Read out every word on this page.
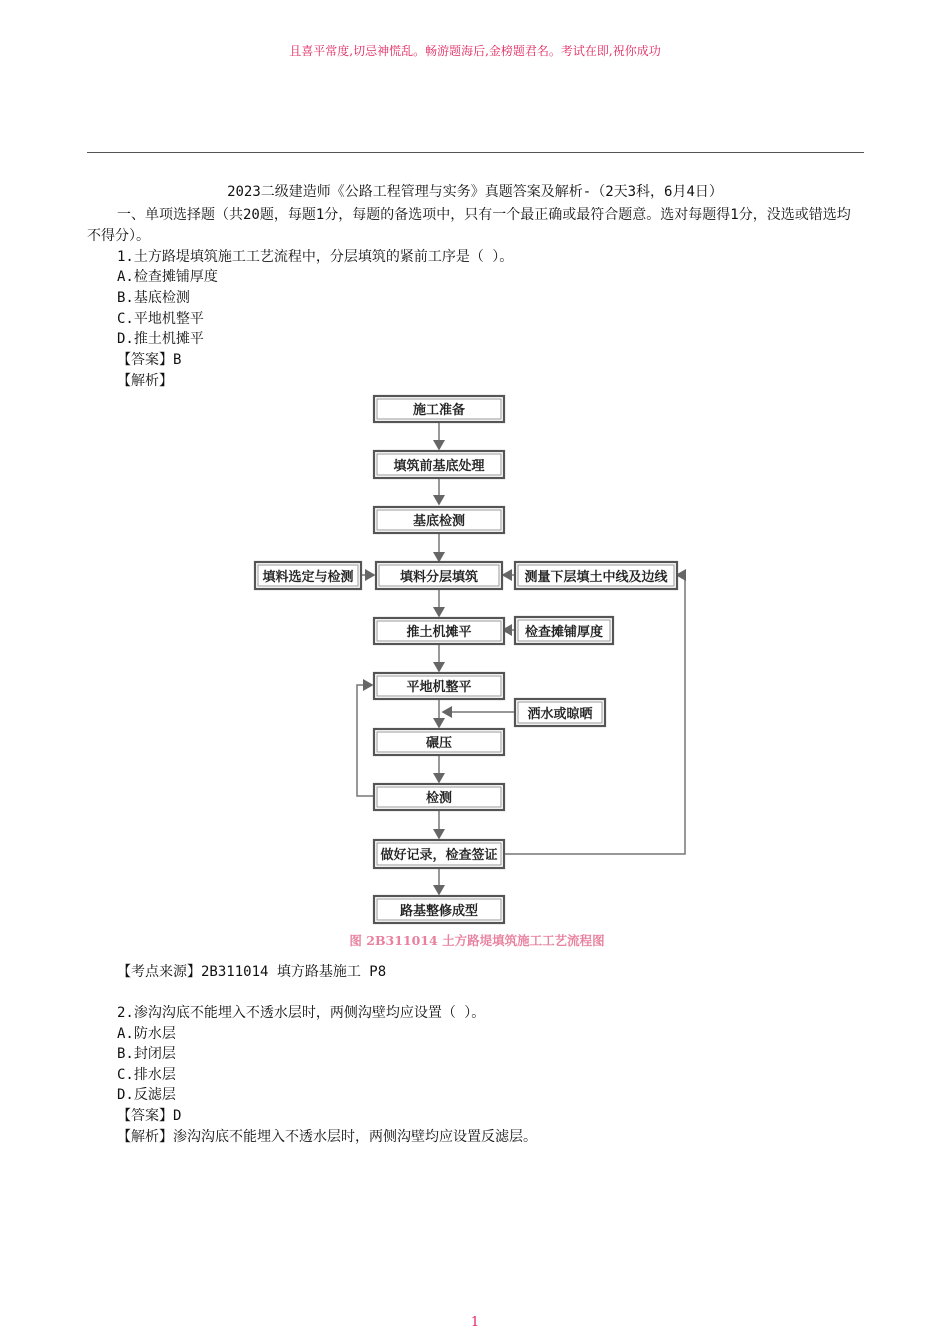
且喜平常度,切忌神慌乱。畅游题海后,金榜题君名。考试在即,祝你成功
2023二级建造师《公路工程管理与实务》真题答案及解析-（2天3科，6月4日）
一、单项选择题（共20题，每题1分，每题的备选项中，只有一个最正确或最符合题意。选对每题得1分，没选或错选均不得分）。
1.土方路堤填筑施工工艺流程中，分层填筑的紧前工序是（ ）。
A.检查摊铺厚度
B.基底检测
C.平地机整平
D.推土机摊平
【答案】B
【解析】
施工准备
填筑前基底处理
基底检测
填料选定与检测	填料分层填筑	测量下层填土中线及边线
推土机摊平	检查摊铺厚度
平地机整平
洒水或晾晒
碾压
检测
做好记录，检查签证
路基整修成型
图 2B311014 土方路堤填筑施工工艺流程图
【考点来源】2B311014 填方路基施工 P8
2.渗沟沟底不能埋入不透水层时，两侧沟壁均应设置（ ）。
A.防水层
B.封闭层
C.排水层
D.反滤层
【答案】D
【解析】渗沟沟底不能埋入不透水层时，两侧沟壁均应设置反滤层。
1
